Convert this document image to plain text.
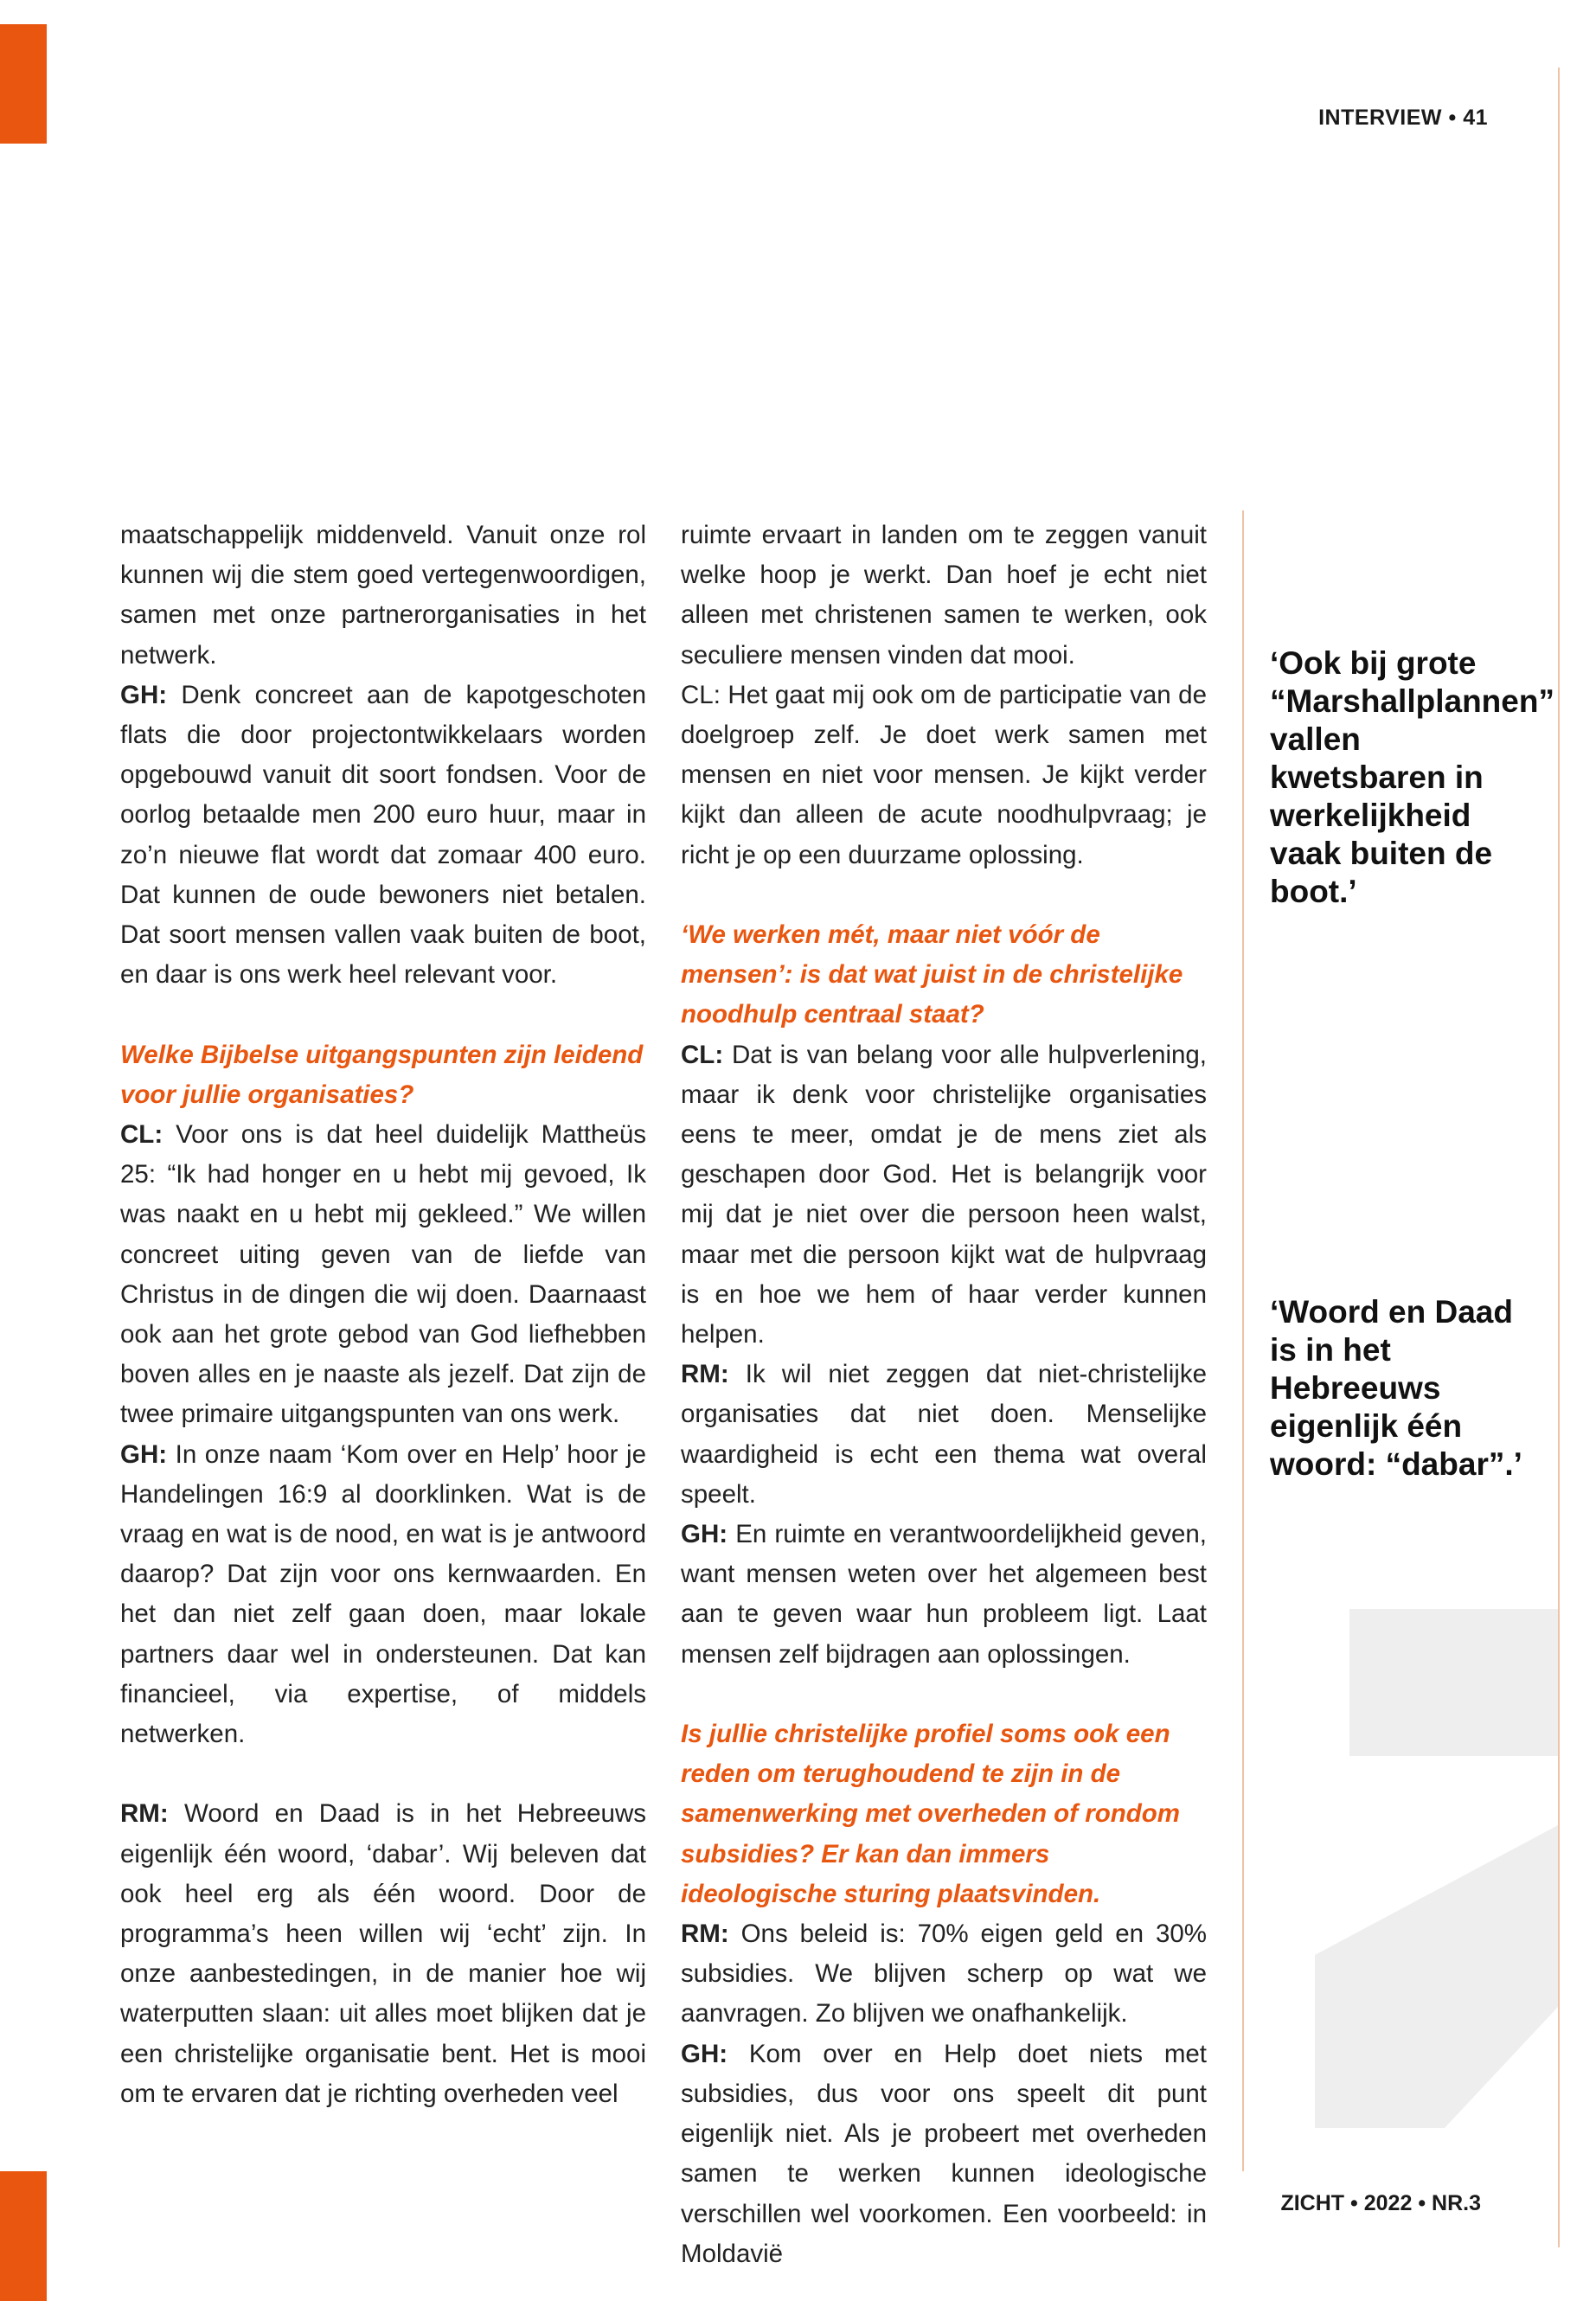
INTERVIEW • 41

maatschappelijk middenveld. Vanuit onze rol kunnen wij die stem goed vertegenwoordigen, samen met onze partnerorganisaties in het netwerk.

GH: Denk concreet aan de kapotgeschoten flats die door projectontwikkelaars worden opgebouwd vanuit dit soort fondsen. Voor de oorlog betaalde men 200 euro huur, maar in zo’n nieuwe flat wordt dat zomaar 400 euro. Dat kunnen de oude bewoners niet betalen. Dat soort mensen vallen vaak buiten de boot, en daar is ons werk heel relevant voor.

Welke Bijbelse uitgangspunten zijn leidend voor jullie organisaties?

CL: Voor ons is dat heel duidelijk Mattheüs 25: “Ik had honger en u hebt mij gevoed, Ik was naakt en u hebt mij gekleed.” We willen concreet uiting geven van de liefde van Christus in de dingen die wij doen. Daarnaast ook aan het grote gebod van God liefhebben boven alles en je naaste als jezelf. Dat zijn de twee primaire uitgangspunten van ons werk.

GH: In onze naam ‘Kom over en Help’ hoor je Handelingen 16:9 al doorklinken. Wat is de vraag en wat is de nood, en wat is je antwoord daarop? Dat zijn voor ons kernwaarden. En het dan niet zelf gaan doen, maar lokale partners daar wel in ondersteunen. Dat kan financieel, via expertise, of middels netwerken.

RM: Woord en Daad is in het Hebreeuws eigenlijk één woord, ‘dabar’. Wij beleven dat ook heel erg als één woord. Door de programma’s heen willen wij ‘echt’ zijn. In onze aanbestedingen, in de manier hoe wij waterputten slaan: uit alles moet blijken dat je een christelijke organisatie bent. Het is mooi om te ervaren dat je richting overheden veel

ruimte ervaart in landen om te zeggen vanuit welke hoop je werkt. Dan hoef je echt niet alleen met christenen samen te werken, ook seculiere mensen vinden dat mooi.

CL: Het gaat mij ook om de participatie van de doelgroep zelf. Je doet werk samen met mensen en niet voor mensen. Je kijkt verder kijkt dan alleen de acute noodhulpvraag; je richt je op een duurzame oplossing.

‘We werken mét, maar niet vóór de mensen’: is dat wat juist in de christelijke noodhulp centraal staat?

CL: Dat is van belang voor alle hulpverlening, maar ik denk voor christelijke organisaties eens te meer, omdat je de mens ziet als geschapen door God. Het is belangrijk voor mij dat je niet over die persoon heen walst, maar met die persoon kijkt wat de hulpvraag is en hoe we hem of haar verder kunnen helpen.

RM: Ik wil niet zeggen dat niet-christelijke organisaties dat niet doen. Menselijke waardigheid is echt een thema wat overal speelt.

GH: En ruimte en verantwoordelijkheid geven, want mensen weten over het algemeen best aan te geven waar hun probleem ligt. Laat mensen zelf bijdragen aan oplossingen.

Is jullie christelijke profiel soms ook een reden om terughoudend te zijn in de samenwerking met overheden of rondom subsidies? Er kan dan immers ideologische sturing plaatsvinden.

RM: Ons beleid is: 70% eigen geld en 30% subsidies. We blijven scherp op wat we aanvragen. Zo blijven we onafhankelijk.

GH: Kom over en Help doet niets met subsidies, dus voor ons speelt dit punt eigenlijk niet. Als je probeert met overheden samen te werken kunnen ideologische verschillen wel voorkomen. Een voorbeeld: in Moldavië

‘Ook bij grote “Marshallplannen” vallen kwetsbaren in werkelijkheid vaak buiten de boot.’
‘Woord en Daad is in het Hebreeuws eigenlijk één woord: “dabar”.’
2
ZICHT • 2022 • NR.3
